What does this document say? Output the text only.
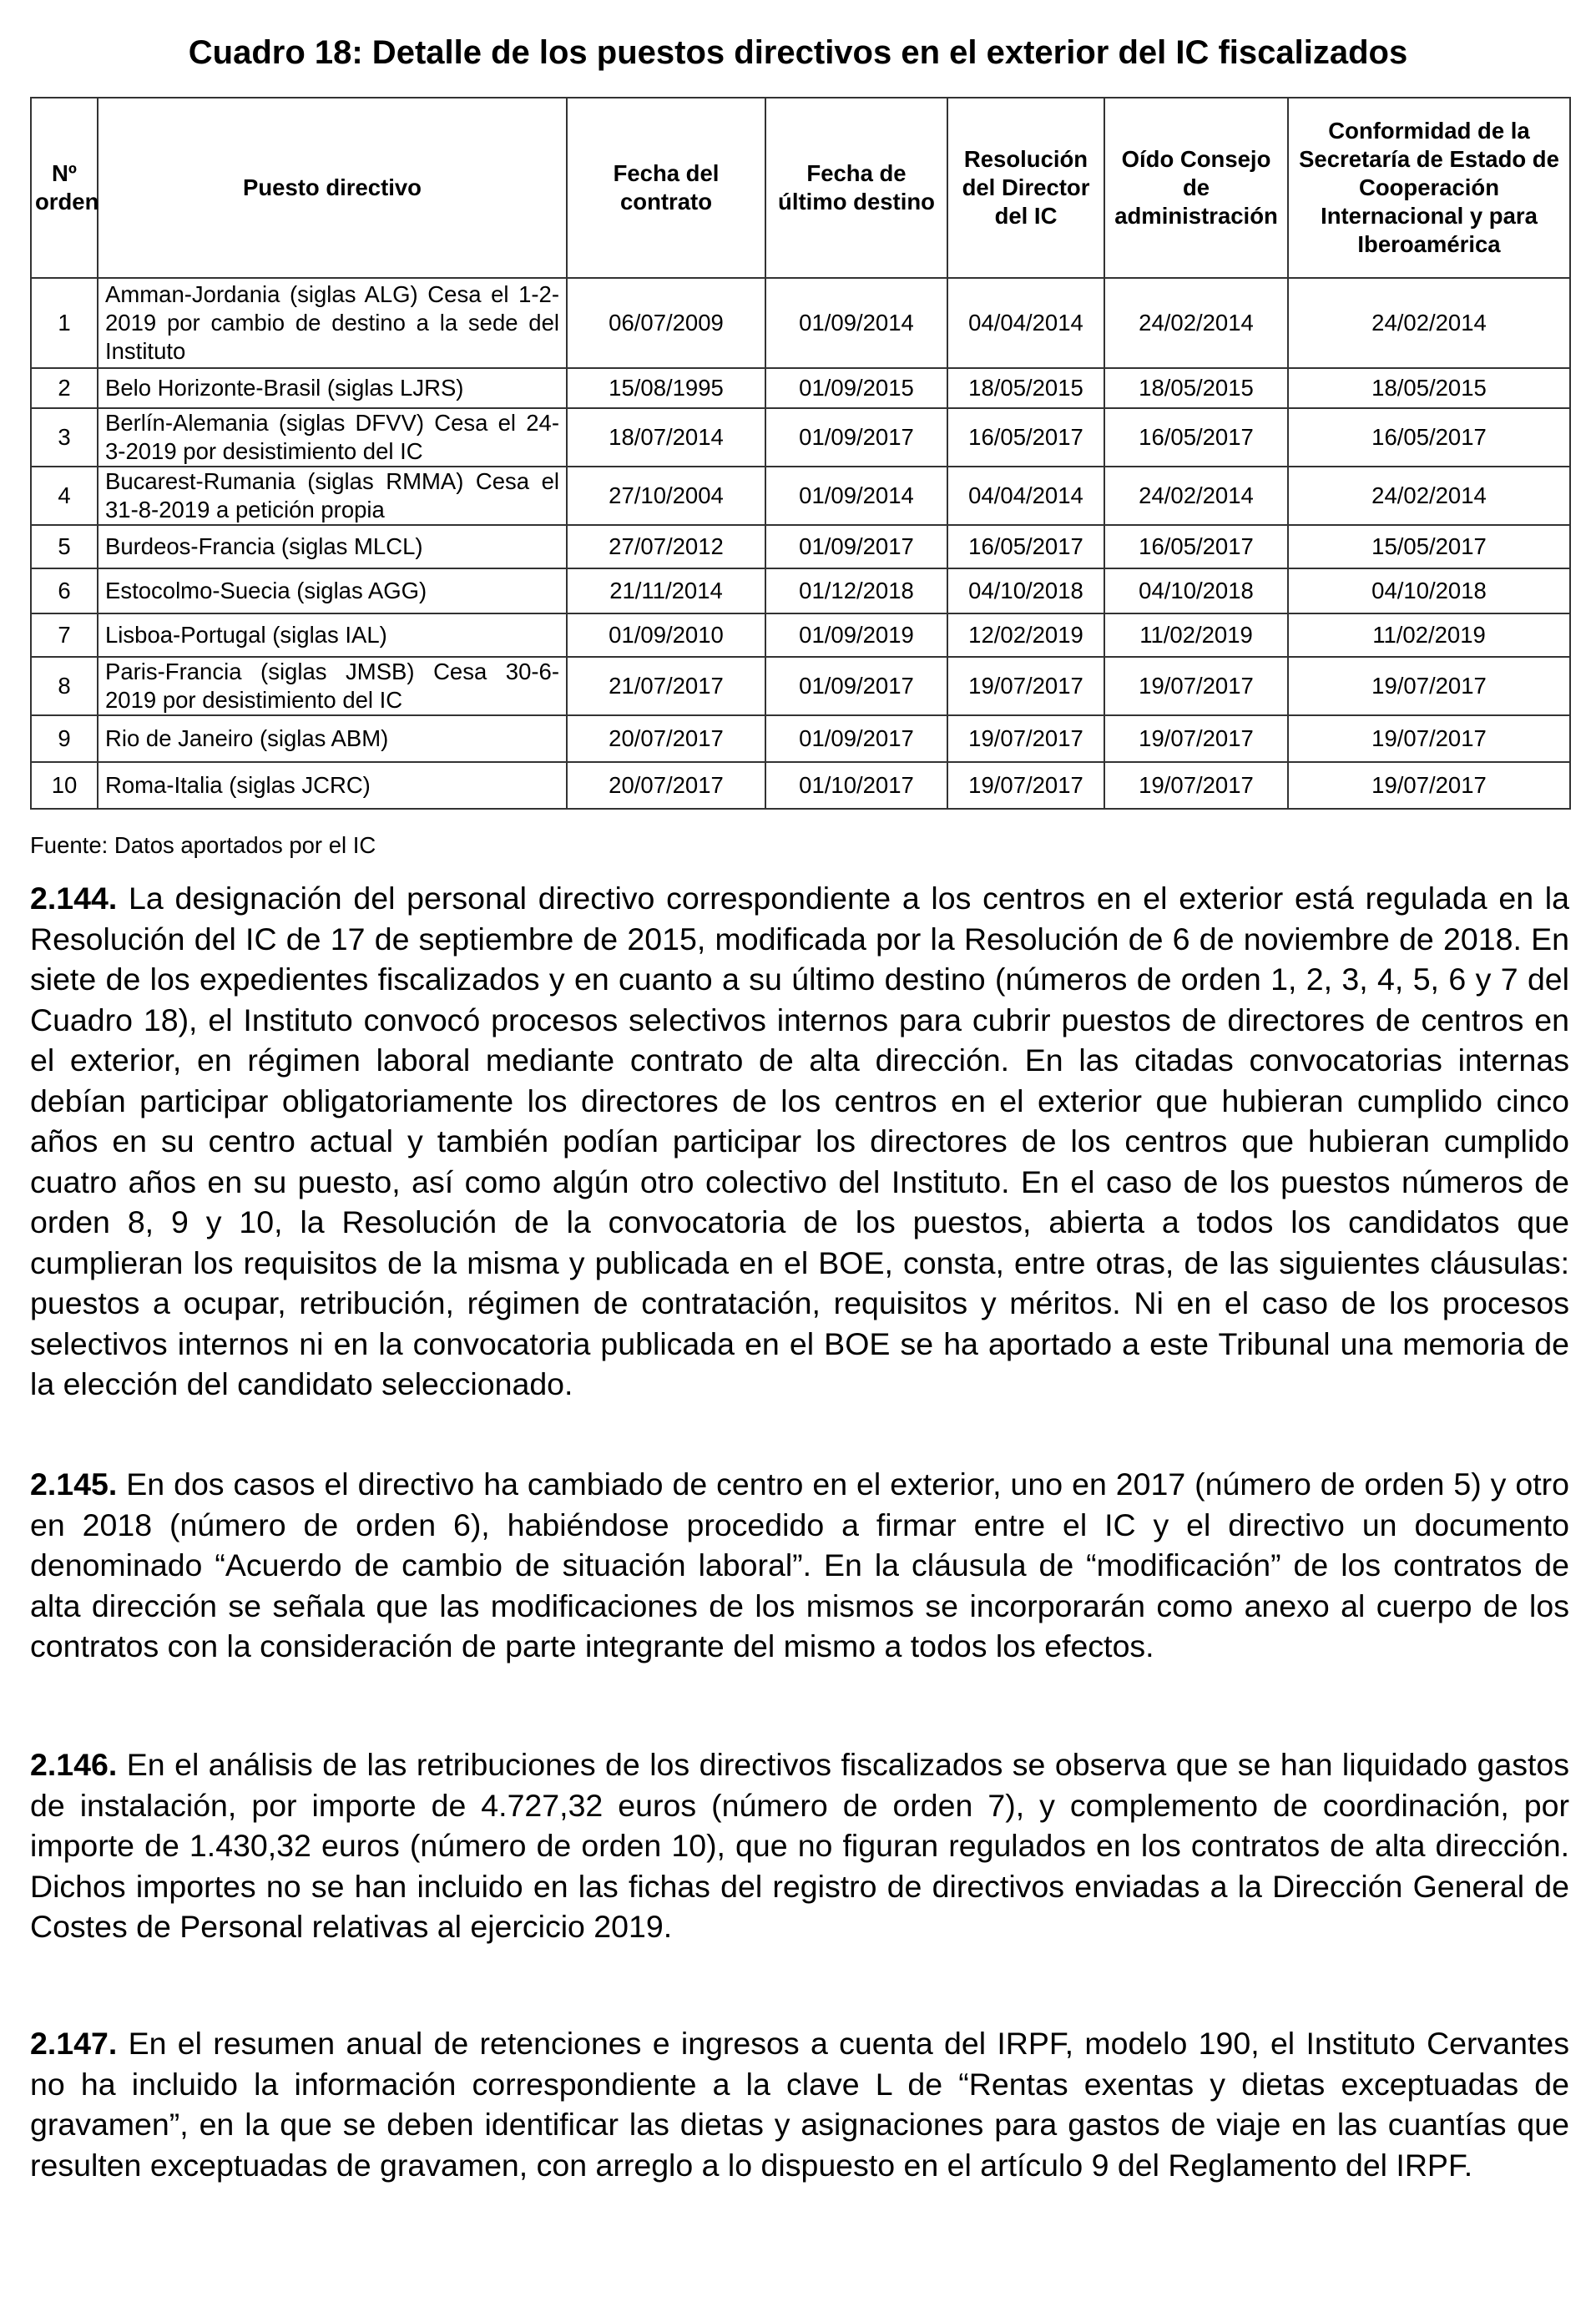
Cuadro 18: Detalle de los puestos directivos en el exterior del IC fiscalizados
Nº orden	Puesto directivo	Fecha del contrato	Fecha de último destino	Resolución del Director del IC	Oído Consejo de administración	Conformidad de la Secretaría de Estado de Cooperación Internacional y para Iberoamérica
1	Amman-Jordania (siglas ALG) Cesa el 1-2-2019 por cambio de destino a la sede del Instituto	06/07/2009	01/09/2014	04/04/2014	24/02/2014	24/02/2014
2	Belo Horizonte-Brasil (siglas LJRS)	15/08/1995	01/09/2015	18/05/2015	18/05/2015	18/05/2015
3	Berlín-Alemania (siglas DFVV) Cesa el 24-3-2019 por desistimiento del IC	18/07/2014	01/09/2017	16/05/2017	16/05/2017	16/05/2017
4	Bucarest-Rumania (siglas RMMA) Cesa el 31-8-2019 a petición propia	27/10/2004	01/09/2014	04/04/2014	24/02/2014	24/02/2014
5	Burdeos-Francia (siglas MLCL)	27/07/2012	01/09/2017	16/05/2017	16/05/2017	15/05/2017
6	Estocolmo-Suecia (siglas AGG)	21/11/2014	01/12/2018	04/10/2018	04/10/2018	04/10/2018
7	Lisboa-Portugal (siglas IAL)	01/09/2010	01/09/2019	12/02/2019	11/02/2019	11/02/2019
8	Paris-Francia (siglas JMSB) Cesa 30-6-2019 por desistimiento del IC	21/07/2017	01/09/2017	19/07/2017	19/07/2017	19/07/2017
9	Rio de Janeiro (siglas ABM)	20/07/2017	01/09/2017	19/07/2017	19/07/2017	19/07/2017
10	Roma-Italia (siglas JCRC)	20/07/2017	01/10/2017	19/07/2017	19/07/2017	19/07/2017
Fuente: Datos aportados por el IC

2.144. La designación del personal directivo correspondiente a los centros en el exterior está regulada en la Resolución del IC de 17 de septiembre de 2015, modificada por la Resolución de 6 de noviembre de 2018. En siete de los expedientes fiscalizados y en cuanto a su último destino (números de orden 1, 2, 3, 4, 5, 6 y 7 del Cuadro 18), el Instituto convocó procesos selectivos internos para cubrir puestos de directores de centros en el exterior, en régimen laboral mediante contrato de alta dirección. En las citadas convocatorias internas debían participar obligatoriamente los directores de los centros en el exterior que hubieran cumplido cinco años en su centro actual y también podían participar los directores de los centros que hubieran cumplido cuatro años en su puesto, así como algún otro colectivo del Instituto. En el caso de los puestos números de orden 8, 9 y 10, la Resolución de la convocatoria de los puestos, abierta a todos los candidatos que cumplieran los requisitos de la misma y publicada en el BOE, consta, entre otras, de las siguientes cláusulas: puestos a ocupar, retribución, régimen de contratación, requisitos y méritos. Ni en el caso de los procesos selectivos internos ni en la convocatoria publicada en el BOE se ha aportado a este Tribunal una memoria de la elección del candidato seleccionado.

2.145. En dos casos el directivo ha cambiado de centro en el exterior, uno en 2017 (número de orden 5) y otro en 2018 (número de orden 6), habiéndose procedido a firmar entre el IC y el directivo un documento denominado “Acuerdo de cambio de situación laboral”. En la cláusula de “modificación” de los contratos de alta dirección se señala que las modificaciones de los mismos se incorporarán como anexo al cuerpo de los contratos con la consideración de parte integrante del mismo a todos los efectos.

2.146. En el análisis de las retribuciones de los directivos fiscalizados se observa que se han liquidado gastos de instalación, por importe de 4.727,32 euros (número de orden 7), y complemento de coordinación, por importe de 1.430,32 euros (número de orden 10), que no figuran regulados en los contratos de alta dirección. Dichos importes no se han incluido en las fichas del registro de directivos enviadas a la Dirección General de Costes de Personal relativas al ejercicio 2019.

2.147. En el resumen anual de retenciones e ingresos a cuenta del IRPF, modelo 190, el Instituto Cervantes no ha incluido la información correspondiente a la clave L de “Rentas exentas y dietas exceptuadas de gravamen”, en la que se deben identificar las dietas y asignaciones para gastos de viaje en las cuantías que resulten exceptuadas de gravamen, con arreglo a lo dispuesto en el artículo 9 del Reglamento del IRPF.
